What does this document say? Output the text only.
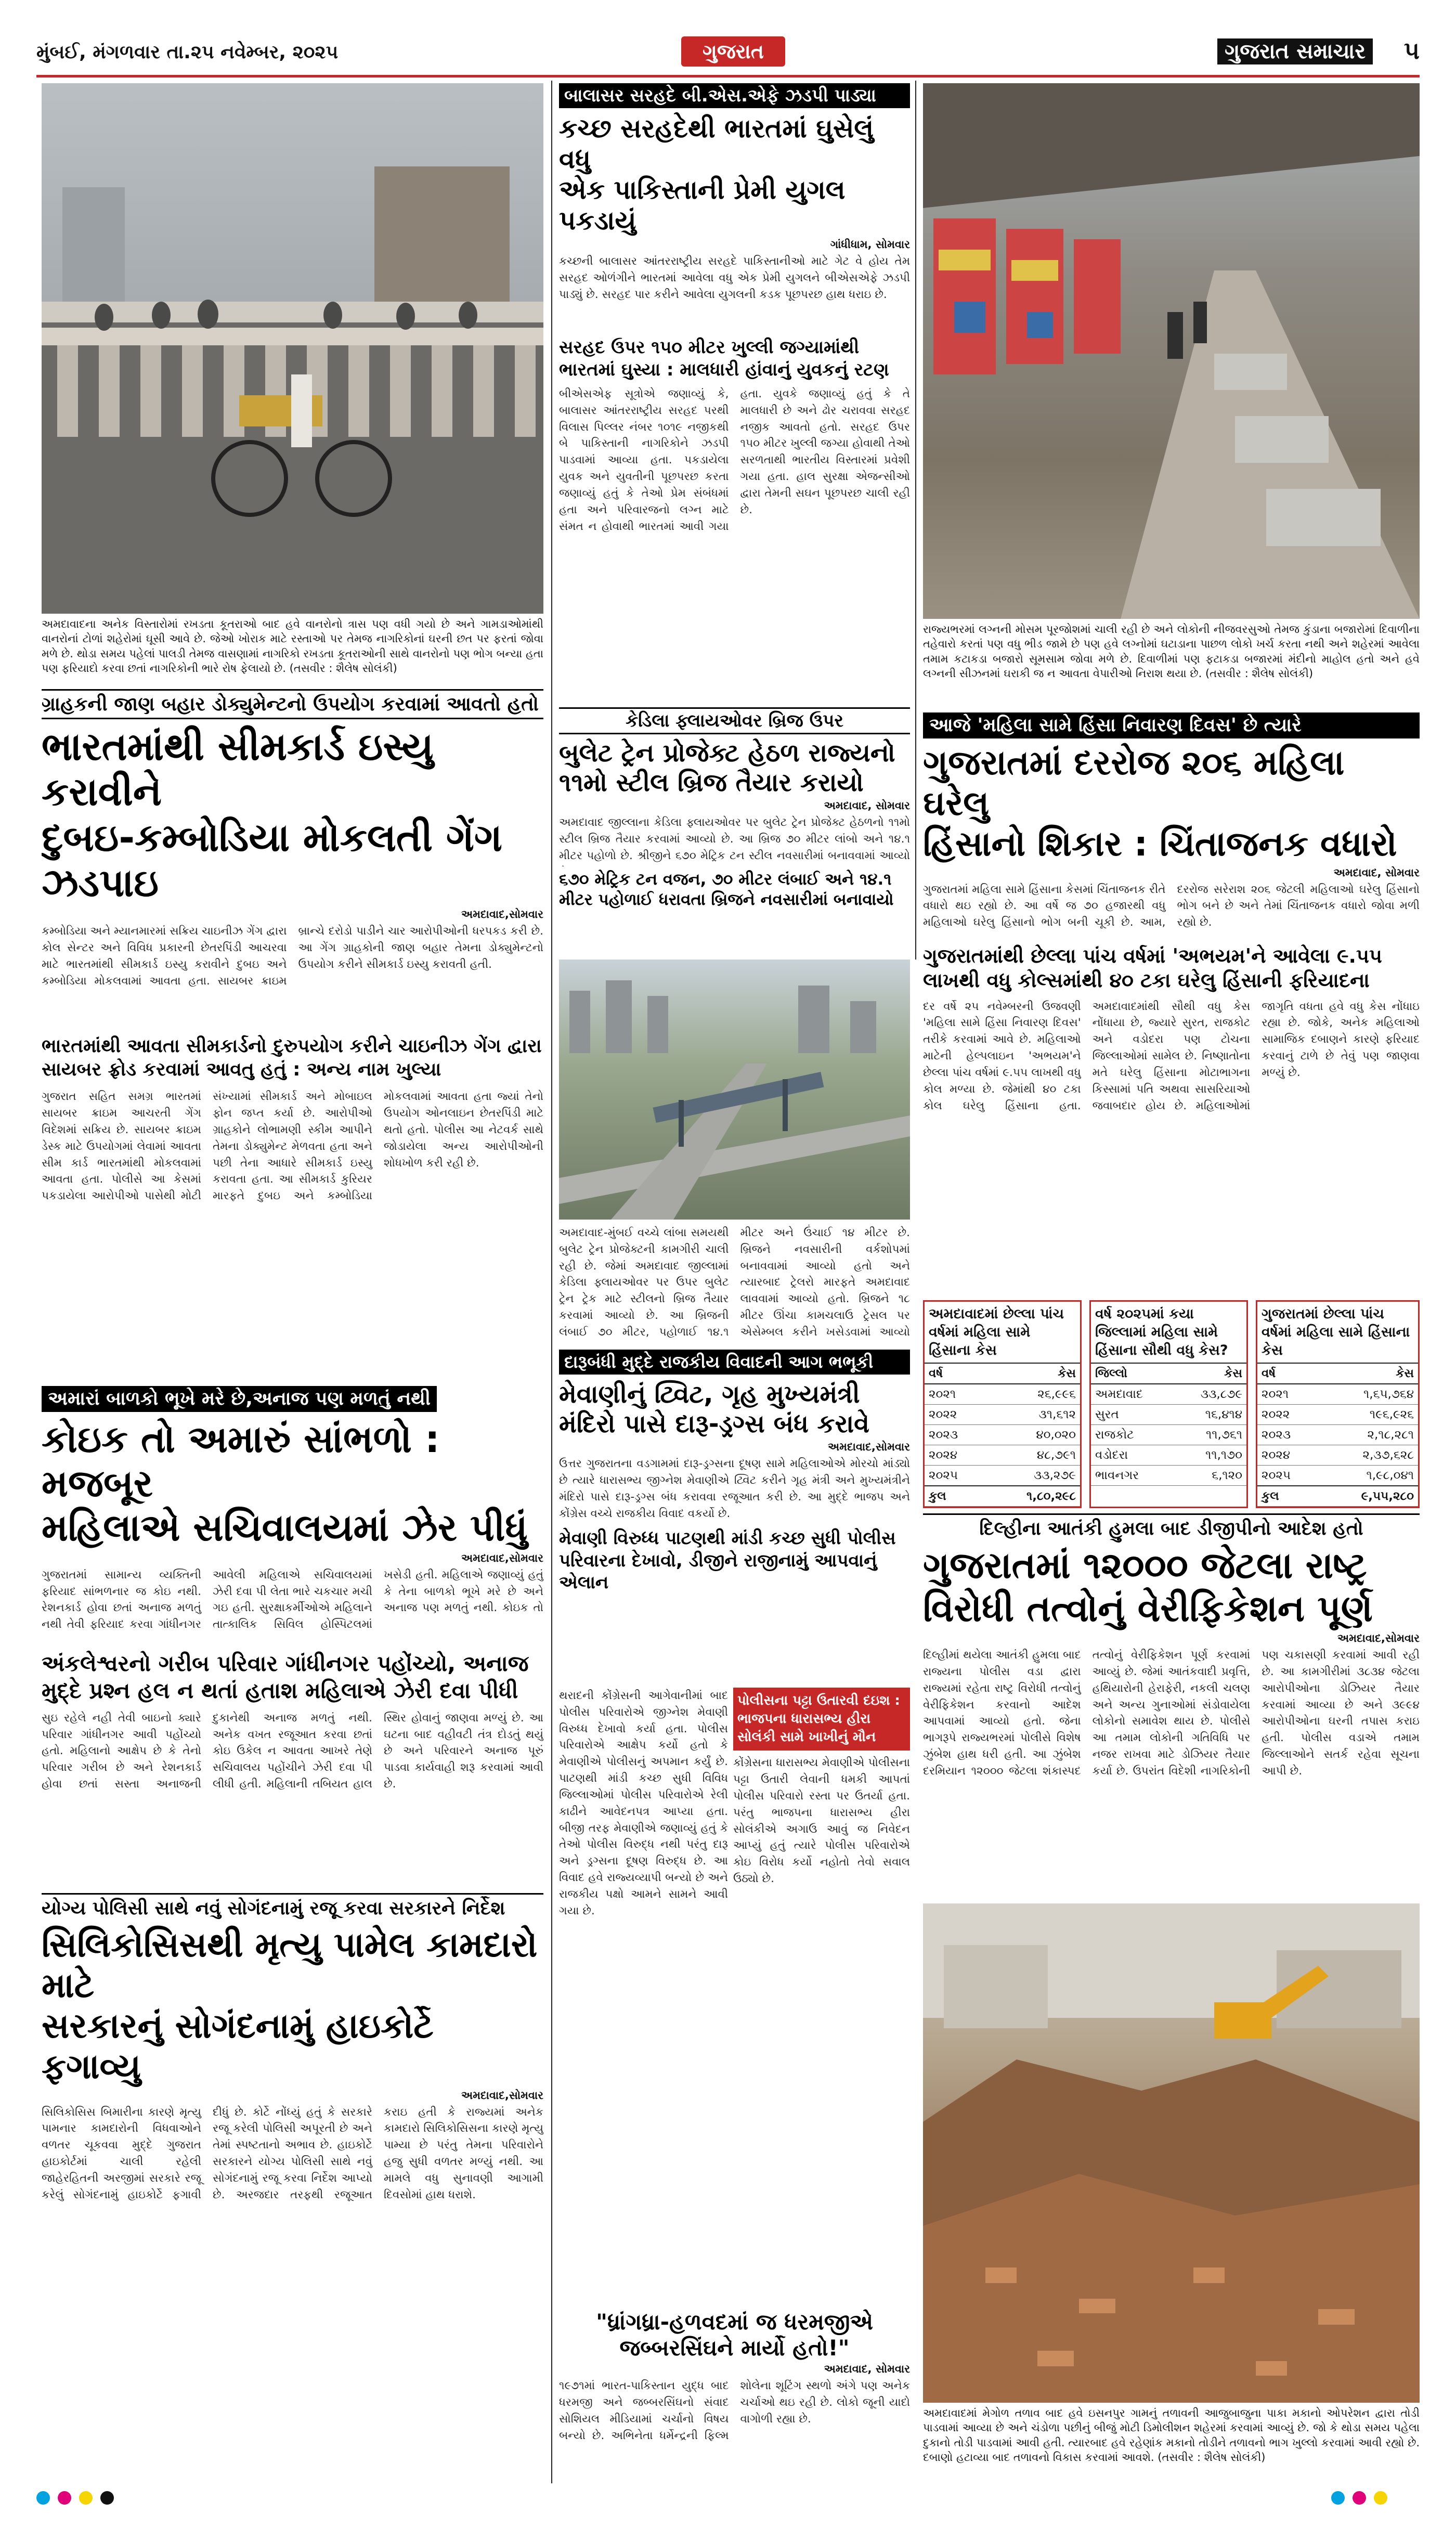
મુંબઈ, મંગળવાર તા.૨૫ નવેમ્બર, ૨૦૨૫	ગુજરાત	ગુજરાત સમાચાર	૫
અમદાવાદના અનેક વિસ્તારોમાં રખડતા કૂતરાઓ બાદ હવે વાનરોનો ત્રાસ પણ વધી ગયો છે અને ગામડાઓમાંથી વાનરોનાં ટોળાં શહેરોમાં ઘૂસી આવે છે. જેઓ ખોરાક માટે રસ્તાઓ પર તેમજ નાગરિકોનાં ઘરની છત પર ફરતાં જોવા મળે છે. થોડા સમય પહેલાં પાલડી તેમજ વાસણામાં નાગરિકો રખડતા કૂતરાઓની સાથે વાનરોનો પણ ભોગ બન્યા હતા પણ ફરિયાદો કરવા છતાં નાગરિકોની ભારે રોષ ફેલાયો છે. (તસવીર : શૈલેષ સોલંકી)
ગ્રાહકની જાણ બહાર ડોક્યુમેન્ટનો ઉપયોગ કરવામાં આવતો હતો
ભારતમાંથી સીમકાર્ડ ઇસ્યુ કરાવીને
દુબઇ-કમ્બોડિયા મોકલતી ગેંગ ઝડપાઇ
અમદાવાદ,સોમવાર
કમ્બોડિયા અને મ્યાનમારમાં સક્રિય ચાઇનીઝ ગેંગ દ્વારા કોલ સેન્ટર અને વિવિધ પ્રકારની છેતરપિંડી આચરવા માટે ભારતમાંથી સીમકાર્ડ ઇસ્યુ કરાવીને દુબઇ અને કમ્બોડિયા મોકલવામાં આવતા હતા. સાયબર ક્રાઇમ બ્રાન્ચે દરોડો પાડીને ચાર આરોપીઓની ધરપકડ કરી છે. આ ગેંગ ગ્રાહકોની જાણ બહાર તેમના ડોક્યુમેન્ટનો ઉપયોગ કરીને સીમકાર્ડ ઇસ્યુ કરાવતી હતી.
ભારતમાંથી આવતા સીમકાર્ડનો દુરુપયોગ કરીને ચાઇનીઝ ગેંગ દ્વારા સાયબર ફ્રોડ કરવામાં આવતુ હતું : અન્ય નામ ખુલ્યા
ગુજરાત સહિત સમગ્ર ભારતમાં સાયબર ક્રાઇમ આચરતી ગેંગ વિદેશમાં સક્રિય છે. સાયબર ક્રાઇમ ડેસ્ક માટે ઉપયોગમાં લેવામાં આવતા સીમ કાર્ડ ભારતમાંથી મોકલવામાં આવતા હતા. પોલીસે આ કેસમાં પકડાયેલા આરોપીઓ પાસેથી મોટી સંખ્યામાં સીમકાર્ડ અને મોબાઇલ ફોન જપ્ત કર્યા છે. આરોપીઓ ગ્રાહકોને લોભામણી સ્કીમ આપીને તેમના ડોક્યુમેન્ટ મેળવતા હતા અને પછી તેના આધારે સીમકાર્ડ ઇસ્યુ કરાવતા હતા. આ સીમકાર્ડ કુરિયર મારફતે દુબઇ અને કમ્બોડિયા મોકલવામાં આવતા હતા જ્યાં તેનો ઉપયોગ ઓનલાઇન છેતરપિંડી માટે થતો હતો. પોલીસ આ નેટવર્ક સાથે જોડાયેલા અન્ય આરોપીઓની શોધખોળ કરી રહી છે.
અમારાં બાળકો ભૂખે મરે છે,અનાજ પણ મળતું નથી
કોઇક તો અમારું સાંભળો : મજબૂર
મહિલાએ સચિવાલયમાં ઝેર પીધું
અમદાવાદ,સોમવાર
ગુજરાતમાં સામાન્ય વ્યક્તિની ફરિયાદ સાંભળનાર જ કોઇ નથી. રેશનકાર્ડ હોવા છતાં અનાજ મળતું નથી તેવી ફરિયાદ કરવા ગાંધીનગર આવેલી મહિલાએ સચિવાલયમાં ઝેરી દવા પી લેતા ભારે ચકચાર મચી ગઇ હતી. સુરક્ષાકર્મીઓએ મહિલાને તાત્કાલિક સિવિલ હોસ્પિટલમાં ખસેડી હતી. મહિલાએ જણાવ્યું હતું કે તેના બાળકો ભૂખે મરે છે અને અનાજ પણ મળતું નથી. કોઇક તો
અંકલેશ્વરનો ગરીબ પરિવાર ગાંધીનગર પહોંચ્યો, અનાજ મુદ્દે પ્રશ્ન હલ ન થતાં હતાશ મહિલાએ ઝેરી દવા પીધી
સુઇ રહેલે નહી તેવી બાઇનો ક્યારે પરિવાર ગાંધીનગર આવી પહોંચ્યો હતો. મહિલાનો આક્ષેપ છે કે તેનો પરિવાર ગરીબ છે અને રેશનકાર્ડ હોવા છતાં સસ્તા અનાજની દુકાનેથી અનાજ મળતું નથી. અનેક વખત રજૂઆત કરવા છતાં કોઇ ઉકેલ ન આવતા આખરે તેણે સચિવાલય પહોંચીને ઝેરી દવા પી લીધી હતી. મહિલાની તબિયત હાલ સ્થિર હોવાનું જાણવા મળ્યું છે. આ ઘટના બાદ વહીવટી તંત્ર દોડતું થયું છે અને પરિવારને અનાજ પૂરું પાડવા કાર્યવાહી શરૂ કરવામાં આવી છે.
યોગ્ય પોલિસી સાથે નવું સોગંદનામું રજૂ કરવા સરકારને નિર્દેશ
સિલિકોસિસથી મૃત્યુ પામેલ કામદારો માટે
સરકારનું સોગંદનામું હાઇકોર્ટે ફગાવ્યુ
અમદાવાદ,સોમવાર
સિલિકોસિસ બિમારીના કારણે મૃત્યુ પામનાર કામદારોની વિધવાઓને વળતર ચૂકવવા મુદ્દે ગુજરાત હાઇકોર્ટમાં ચાલી રહેલી જાહેરહિતની અરજીમાં સરકારે રજૂ કરેલું સોગંદનામું હાઇકોર્ટે ફગાવી દીધું છે. કોર્ટે નોંધ્યું હતું કે સરકારે રજૂ કરેલી પોલિસી અપૂરતી છે અને તેમાં સ્પષ્ટતાનો અભાવ છે. હાઇકોર્ટે સરકારને યોગ્ય પોલિસી સાથે નવું સોગંદનામું રજૂ કરવા નિર્દેશ આપ્યો છે. અરજદાર તરફથી રજૂઆત કરાઇ હતી કે રાજ્યમાં અનેક કામદારો સિલિકોસિસના કારણે મૃત્યુ પામ્યા છે પરંતુ તેમના પરિવારોને હજુ સુધી વળતર મળ્યું નથી. આ મામલે વધુ સુનાવણી આગામી દિવસોમાં હાથ ધરાશે.
બાલાસર સરહદે બી.એસ.એફે ઝડપી પાડ્યા
કચ્છ સરહદેથી ભારતમાં ઘુસેલું વધુ
એક પાકિસ્તાની પ્રેમી યુગલ પકડાયું
ગાંધીધામ, સોમવાર
કચ્છની બાલાસર આંતરરાષ્ટ્રીય સરહદે પાકિસ્તાનીઓ માટે ગેટ વે હોય તેમ સરહદ ઓળંગીને ભારતમાં આવેલા વધુ એક પ્રેમી યુગલને બીએસએફે ઝડપી પાડ્યું છે. સરહદ પાર કરીને આવેલા યુગલની કડક પૂછપરછ હાથ ધરાઇ છે.
સરહદ ઉપર ૧૫૦ મીટર ખુલ્લી જગ્યામાંથી ભારતમાં ઘુસ્યા : માલધારી હાંવાનું યુવકનું રટણ
બીએસએફ સૂત્રોએ જણાવ્યું કે, બાલાસર આંતરરાષ્ટ્રીય સરહદ પરથી વિલાસ પિલ્લર નંબર ૧૦૧૯ નજીકથી બે પાકિસ્તાની નાગરિકોને ઝડપી પાડવામાં આવ્યા હતા. પકડાયેલા યુવક અને યુવતીની પૂછપરછ કરતા જણાવ્યું હતું કે તેઓ પ્રેમ સંબંધમાં હતા અને પરિવારજનો લગ્ન માટે સંમત ન હોવાથી ભારતમાં આવી ગયા હતા. યુવકે જણાવ્યું હતું કે તે માલધારી છે અને ઢોર ચરાવવા સરહદ નજીક આવતો હતો. સરહદ ઉપર ૧૫૦ મીટર ખુલ્લી જગ્યા હોવાથી તેઓ સરળતાથી ભારતીય વિસ્તારમાં પ્રવેશી ગયા હતા. હાલ સુરક્ષા એજન્સીઓ દ્વારા તેમની સઘન પૂછપરછ ચાલી રહી છે.
કેડિલા ફ્લાયઓવર બ્રિજ ઉપર
બુલેટ ટ્રેન પ્રોજેક્ટ હેઠળ રાજ્યનો
૧૧મો સ્ટીલ બ્રિજ તૈયાર કરાયો
અમદાવાદ, સોમવાર
અમદાવાદ જીલ્લાના કેડિલા ફ્લાયઓવર પર બુલેટ ટ્રેન પ્રોજેક્ટ હેઠળનો ૧૧મો સ્ટીલ બ્રિજ તૈયાર કરવામાં આવ્યો છે. આ બ્રિજ ૭૦ મીટર લાંબો અને ૧૪.૧ મીટર પહોળો છે. શ્રીજીને ૬૭૦ મેટ્રિક ટન સ્ટીલ નવસારીમાં બનાવવામાં આવ્યો
૬૭૦ મેટ્રિક ટન વજન, ૭૦ મીટર લંબાઈ અને ૧૪.૧ મીટર પહોળાઈ ધરાવતા બ્રિજને નવસારીમાં બનાવાયો
અમદાવાદ-મુંબઈ વચ્ચે લાંબા સમયથી બુલેટ ટ્રેન પ્રોજેક્ટની કામગીરી ચાલી રહી છે. જેમાં અમદાવાદ જીલ્લામાં કેડિલા ફ્લાયઓવર પર ઉપર બુલેટ ટ્રેન ટ્રેક માટે સ્ટીલનો બ્રિજ તૈયાર કરવામાં આવ્યો છે. આ બ્રિજની લંબાઈ ૭૦ મીટર, પહોળાઈ ૧૪.૧ મીટર અને ઉંચાઈ ૧૪ મીટર છે. બ્રિજને નવસારીની વર્કશોપમાં બનાવવામાં આવ્યો હતો અને ત્યારબાદ ટ્રેલરો મારફતે અમદાવાદ લાવવામાં આવ્યો હતો. બ્રિજને ૧૮ મીટર ઊંચા કામચલાઉ ટ્રેસલ પર એસેમ્બલ કરીને ખસેડવામાં આવ્યો
દારૂબંધી મુદ્દે રાજકીય વિવાદની આગ ભભૂકી
મેવાણીનું ટ્વિટ, ગૃહ મુખ્યમંત્રી
મંદિરો પાસે દારૂ-ડ્રગ્સ બંધ કરાવે
અમદાવાદ,સોમવાર
ઉત્તર ગુજરાતના વડગામમાં દારૂ-ડ્રગ્સના દૂષણ સામે મહિલાઓએ મોરચો માંડ્યો છે ત્યારે ધારાસભ્ય જીગ્નેશ મેવાણીએ ટ્વિટ કરીને ગૃહ મંત્રી અને મુખ્યમંત્રીને મંદિરો પાસે દારૂ-ડ્રગ્સ બંધ કરાવવા રજૂઆત કરી છે. આ મુદ્દે ભાજપ અને કોંગ્રેસ વચ્ચે રાજકીય વિવાદ વકર્યો છે.
મેવાણી વિરુધ્ધ પાટણથી માંડી કચ્છ સુધી પોલીસ પરિવારના દેખાવો, ડીજીને રાજીનામું આપવાનું એલાન
થરાદની કોંગ્રેસની આગેવાનીમાં બાદ પોલીસ પરિવારોએ જીગ્નેશ મેવાણી વિરુધ્ધ દેખાવો કર્યા હતા. પોલીસ પરિવારોએ આક્ષેપ કર્યો હતો કે મેવાણીએ પોલીસનું અપમાન કર્યું છે. પાટણથી માંડી કચ્છ સુધી વિવિધ જિલ્લાઓમાં પોલીસ પરિવારોએ રેલી કાઢીને આવેદનપત્ર આપ્યા હતા. બીજી તરફ મેવાણીએ જણાવ્યું હતું કે તેઓ પોલીસ વિરુદ્ધ નથી પરંતુ દારૂ અને ડ્રગ્સના દૂષણ વિરુદ્ધ છે. આ વિવાદ હવે રાજ્યવ્યાપી બન્યો છે અને રાજકીય પક્ષો આમને સામને આવી ગયા છે.
પોલીસના પટ્ટા ઉતારવી દઇશ : ભાજપના ધારાસભ્ય હીરા સોલંકી સામે ખાખીનું મૌન
કોંગ્રેસના ધારાસભ્ય મેવાણીએ પોલીસના પટ્ટા ઉતારી લેવાની ધમકી આપતાં પોલીસ પરિવારો રસ્તા પર ઉતર્યા હતા. પરંતુ ભાજપના ધારાસભ્ય હીરા સોલંકીએ અગાઉ આવું જ નિવેદન આપ્યું હતું ત્યારે પોલીસ પરિવારોએ કોઇ વિરોધ કર્યો નહોતો તેવો સવાલ ઉઠ્યો છે.
"ધ્રાંગધ્રા-હળવદમાં જ ધરમજીએ
જબ્બરસિંઘને માર્યો હતો!"
અમદાવાદ, સોમવાર
૧૯૭૧માં ભારત-પાકિસ્તાન યુદ્ધ બાદ ધરમજી અને જબ્બરસિંઘનો સંવાદ સોશિયલ મીડિયામાં ચર્ચાનો વિષય બન્યો છે. અભિનેતા ધર્મેન્દ્રની ફિલ્મ શોલેના શૂટિંગ સ્થળો અંગે પણ અનેક ચર્ચાઓ થઇ રહી છે. લોકો જૂની યાદો વાગોળી રહ્યા છે.
રાજ્યભરમાં લગ્નની મોસમ પૂરજોશમાં ચાલી રહી છે અને લોકોની નીજવરસુઓ તેમજ કુંડાના બજારોમાં દિવાળીના તહેવારો કરતાં પણ વધુ ભીડ જામે છે પણ હવે લગ્નોમાં ઘટાડાના પાછળ લોકો ખર્ચ કરતા નથી અને શહેરમાં આવેલા તમામ કટાકડા બજારો સૂમસામ જોવા મળે છે. દિવાળીમાં પણ ફટાકડા બજારમાં મંદીનો માહોલ હતો અને હવે લગ્નની સીઝનમાં ઘરાકી જ ન આવતા વેપારીઓ નિરાશ થયા છે. (તસવીર : શૈલેષ સોલંકી)
આજે 'મહિલા સામે હિંસા નિવારણ દિવસ' છે ત્યારે
ગુજરાતમાં દરરોજ ૨૦૬ મહિલા ઘરેલુ
હિંસાનો શિકાર : ચિંતાજનક વધારો
અમદાવાદ, સોમવાર
ગુજરાતમાં મહિલા સામે હિંસાના કેસમાં ચિંતાજનક રીતે વધારો થઇ રહ્યો છે. આ વર્ષે જ ૭૦ હજારથી વધુ મહિલાઓ ઘરેલુ હિંસાનો ભોગ બની ચૂકી છે. આમ, દરરોજ સરેરાશ ૨૦૬ જેટલી મહિલાઓ ઘરેલુ હિંસાનો ભોગ બને છે અને તેમાં ચિંતાજનક વધારો જોવા મળી રહ્યો છે.
ગુજરાતમાંથી છેલ્લા પાંચ વર્ષમાં 'અભયમ'ને આવેલા ૯.૫૫ લાખથી વધુ કોલ્સમાંથી ૪૦ ટકા ઘરેલુ હિંસાની ફરિયાદના
દર વર્ષે ૨૫ નવેમ્બરની ઉજવણી 'મહિલા સામે હિંસા નિવારણ દિવસ' તરીકે કરવામાં આવે છે. મહિલાઓ માટેની હેલ્પલાઇન 'અભયમ'ને છેલ્લા પાંચ વર્ષમાં ૯.૫૫ લાખથી વધુ કોલ મળ્યા છે. જેમાંથી ૪૦ ટકા કોલ ઘરેલુ હિંસાના હતા. અમદાવાદમાંથી સૌથી વધુ કેસ નોંધાયા છે, જ્યારે સુરત, રાજકોટ અને વડોદરા પણ ટોચના જિલ્લાઓમાં સામેલ છે. નિષ્ણાતોના મતે ઘરેલુ હિંસાના મોટાભાગના કિસ્સામાં પતિ અથવા સાસરિયાઓ જવાબદાર હોય છે. મહિલાઓમાં જાગૃતિ વધતા હવે વધુ કેસ નોંધાઇ રહ્યા છે. જોકે, અનેક મહિલાઓ સામાજિક દબાણને કારણે ફરિયાદ કરવાનું ટાળે છે તેવું પણ જાણવા મળ્યું છે.
અમદાવાદમાં છેલ્લા પાંચ વર્ષમાં મહિલા સામે હિંસાના કેસ
વર્ષ	કેસ
૨૦૨૧	૨૬,૯૯૬
૨૦૨૨	૩૧,૬૧૨
૨૦૨૩	૪૦,૦૨૦
૨૦૨૪	૪૮,૭૯૧
૨૦૨૫	૩૩,૨૭૯
કુલ	૧,૮૦,૨૯૮
વર્ષ ૨૦૨૫માં કયા જિલ્લામાં મહિલા સામે હિંસાના સૌથી વધુ કેસ?
જિલ્લો	કેસ
અમદાવાદ	૩૩,૮૭૯
સુરત	૧૬,૪૧૪
રાજકોટ	૧૧,૭૬૧
વડોદરા	૧૧,૧૭૦
ભાવનગર	૬,૧૨૦
ગુજરાતમાં છેલ્લા પાંચ વર્ષમાં મહિલા સામે હિંસાના કેસ
વર્ષ	કેસ
૨૦૨૧	૧,૬૫,૭૬૪
૨૦૨૨	૧૯૬,૯૨૬
૨૦૨૩	૨,૧૮,૨૮૧
૨૦૨૪	૨,૩૭,૬૨૮
૨૦૨૫	૧,૯૮,૦૪૧
કુલ	૯,૫૫,૨૮૦
દિલ્હીના આતંકી હુમલા બાદ ડીજીપીનો આદેશ હતો
ગુજરાતમાં ૧૨૦૦૦ જેટલા રાષ્ટ્ર
વિરોધી તત્વોનું વેરીફિકેશન પૂર્ણ
અમદાવાદ,સોમવાર
દિલ્હીમાં થયેલા આતંકી હુમલા બાદ રાજ્યના પોલીસ વડા દ્વારા રાજ્યમાં રહેતા રાષ્ટ્ર વિરોધી તત્વોનું વેરીફિકેશન કરવાનો આદેશ આપવામાં આવ્યો હતો. જેના ભાગરૂપે રાજ્યભરમાં પોલીસે વિશેષ ઝુંબેશ હાથ ધરી હતી. આ ઝુંબેશ દરમિયાન ૧૨૦૦૦ જેટલા શંકાસ્પદ તત્વોનું વેરીફિકેશન પૂર્ણ કરવામાં આવ્યું છે. જેમાં આતંકવાદી પ્રવૃત્તિ, હથિયારોની હેરાફેરી, નકલી ચલણ અને અન્ય ગુનાઓમાં સંડોવાયેલા લોકોનો સમાવેશ થાય છે. પોલીસે આ તમામ લોકોની ગતિવિધિ પર નજર રાખવા માટે ડોઝિયર તૈયાર કર્યા છે. ઉપરાંત વિદેશી નાગરિકોની પણ ચકાસણી કરવામાં આવી રહી છે. આ કામગીરીમાં ૩૮૩૪ જેટલા આરોપીઓના ડોઝિયર તૈયાર કરવામાં આવ્યા છે અને ૩૯૯૪ આરોપીઓના ઘરની તપાસ કરાઇ હતી. પોલીસ વડાએ તમામ જિલ્લાઓને સતર્ક રહેવા સૂચના આપી છે.
અમદાવાદમાં મેગોળ તળાવ બાદ હવે ઇસનપુર ગામનું તળાવની આજુબાજુના પાકા મકાનો ઓપરેશન દ્વારા તોડી પાડવામાં આવ્યા છે અને ચંડોળા પછીનું બીજું મોટી ડિમોલીશન શહેરમાં કરવામાં આવ્યું છે. જો કે થોડા સમય પહેલા દુકાનો તોડી પાડવામાં આવી હતી. ત્યારબાદ હવે રહેણાંક મકાનો તોડીને તળાવનો ભાગ ખુલ્લો કરવામાં આવી રહ્યો છે. દબાણો હટાવ્યા બાદ તળાવનો વિકાસ કરવામાં આવશે. (તસવીર : શૈલેષ સોલંકી)
